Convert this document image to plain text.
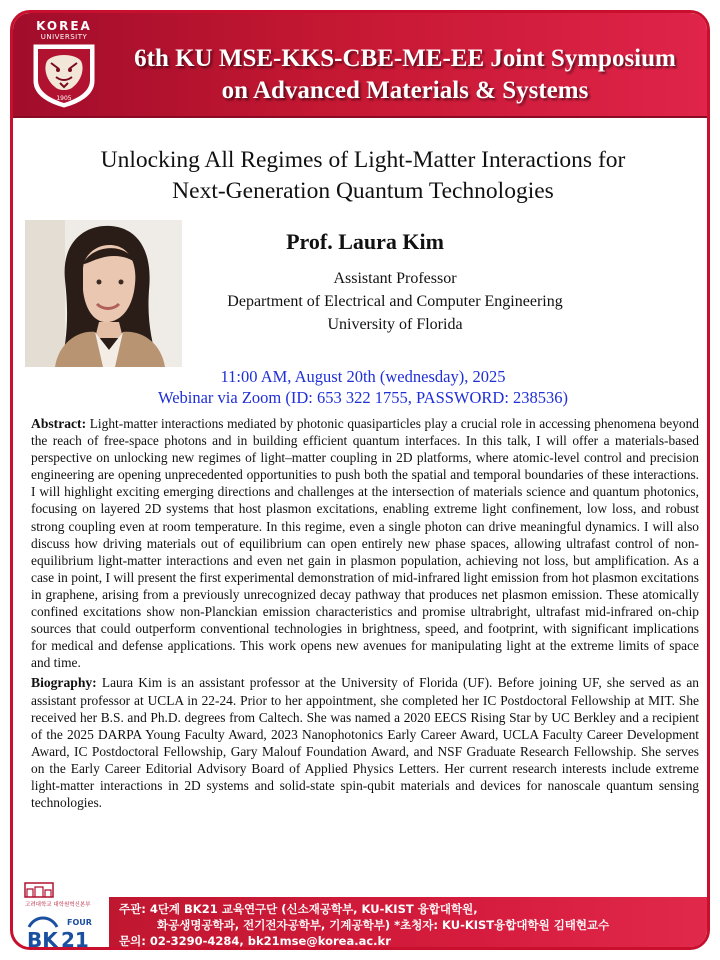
KOREA
UNIVERSITY
1905
6th KU MSE-KKS-CBE-ME-EE Joint Symposium
on Advanced Materials & Systems
Unlocking All Regimes of Light-Matter Interactions for
Next-Generation Quantum Technologies
Prof. Laura Kim
Assistant Professor
Department of Electrical and Computer Engineering
University of Florida
11:00 AM, August 20th (wednesday), 2025
Webinar via Zoom (ID: 653 322 1755, PASSWORD: 238536)

Abstract: Light-matter interactions mediated by photonic quasiparticles play a crucial role in accessing phenomena beyond the reach of free-space photons and in building efficient quantum interfaces. In this talk, I will offer a materials-based perspective on unlocking new regimes of light–matter coupling in 2D platforms, where atomic-level control and precision engineering are opening unprecedented opportunities to push both the spatial and temporal boundaries of these interactions. I will highlight exciting emerging directions and challenges at the intersection of materials science and quantum photonics, focusing on layered 2D systems that host plasmon excitations, enabling extreme light confinement, low loss, and robust strong coupling even at room temperature. In this regime, even a single photon can drive meaningful dynamics. I will also discuss how driving materials out of equilibrium can open entirely new phase spaces, allowing ultrafast control of non-equilibrium light-matter interactions and even net gain in plasmon population, achieving not loss, but amplification. As a case in point, I will present the first experimental demonstration of mid-infrared light emission from hot plasmon excitations in graphene, arising from a previously unrecognized decay pathway that produces net plasmon emission. These atomically confined excitations show non-Planckian emission characteristics and promise ultrabright, ultrafast mid-infrared on-chip sources that could outperform conventional technologies in brightness, speed, and footprint, with significant implications for medical and defense applications. This work opens new avenues for manipulating light at the extreme limits of space and time.

Biography: Laura Kim is an assistant professor at the University of Florida (UF). Before joining UF, she served as an assistant professor at UCLA in 22-24. Prior to her appointment, she completed her IC Postdoctoral Fellowship at MIT. She received her B.S. and Ph.D. degrees from Caltech. She was named a 2020 EECS Rising Star by UC Berkley and a recipient of the 2025 DARPA Young Faculty Award, 2023 Nanophotonics Early Career Award, UCLA Faculty Career Development Award, IC Postdoctoral Fellowship, Gary Malouf Foundation Award, and NSF Graduate Research Fellowship. She serves on the Early Career Editorial Advisory Board of Applied Physics Letters. Her current research interests include extreme light-matter interactions in 2D systems and solid-state spin-qubit materials and devices for nanoscale quantum sensing technologies.

고려대학교 대학원혁신본부
BK 21
FOUR
주관: 4단계 BK21 교육연구단 (신소재공학부, KU-KIST 융합대학원,
화공생명공학과, 전기전자공학부, 기계공학부) *초청자: KU-KIST융합대학원 김태현교수
문의: 02-3290-4284, bk21mse@korea.ac.kr
